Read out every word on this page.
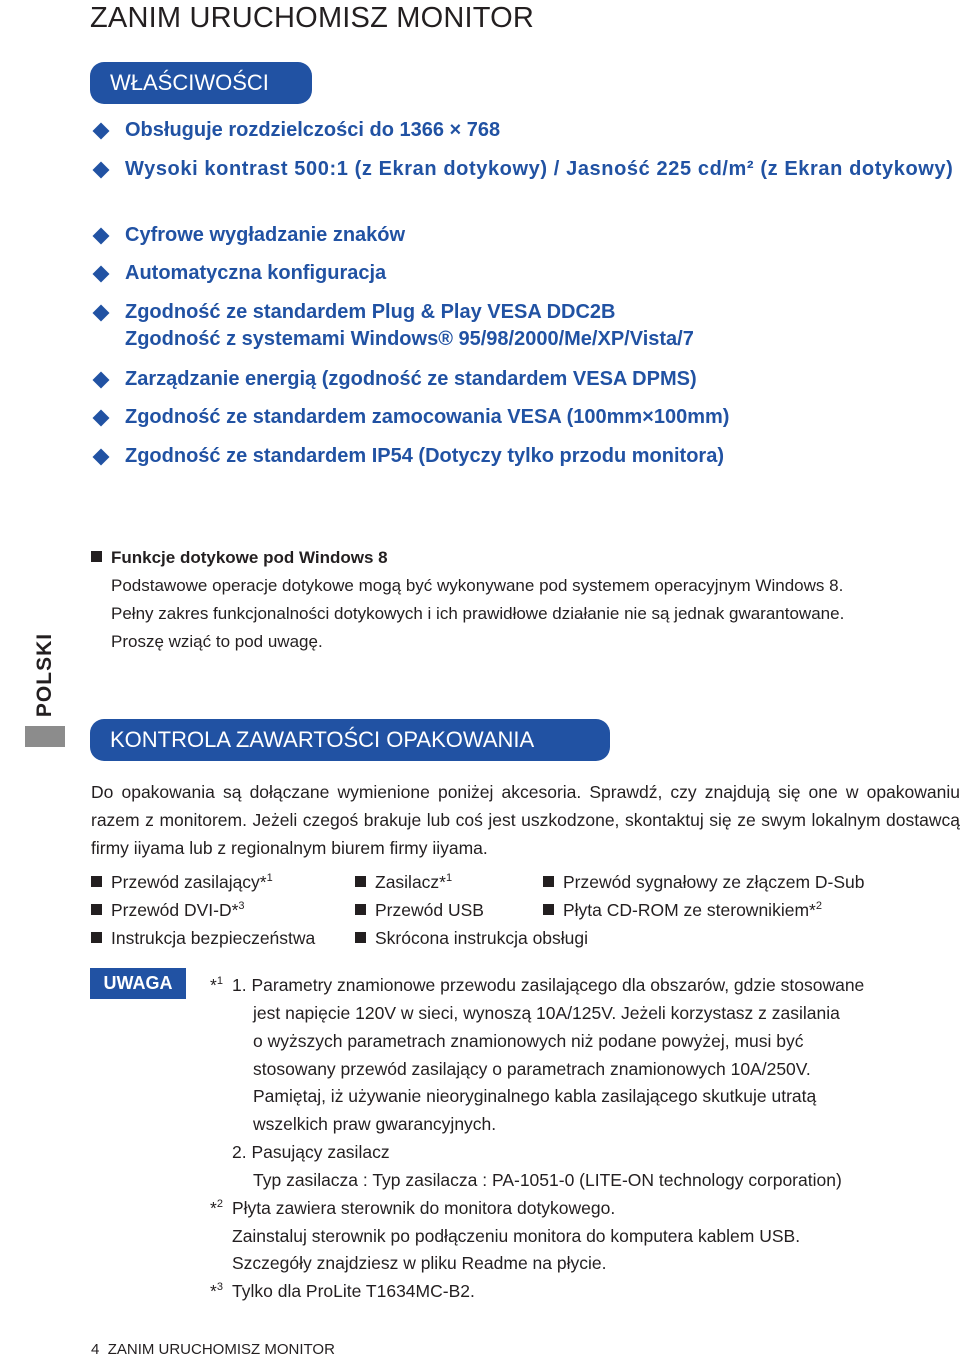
ZANIM URUCHOMISZ MONITOR
WŁAŚCIWOŚCI
Obsługuje rozdzielczości do 1366 × 768
Wysoki kontrast 500:1 (z Ekran dotykowy) / Jasność 225 cd/m² (z Ekran dotykowy)
Cyfrowe wygładzanie znaków
Automatyczna konfiguracja
Zgodność ze standardem Plug & Play VESA DDC2B
Zgodność z systemami Windows® 95/98/2000/Me/XP/Vista/7
Zarządzanie energią (zgodność ze standardem VESA DPMS)
Zgodność ze standardem zamocowania VESA (100mm×100mm)
Zgodność ze standardem IP54 (Dotyczy tylko przodu monitora)
Funkcje dotykowe pod Windows 8
Podstawowe operacje dotykowe mogą być wykonywane pod systemem operacyjnym Windows 8.
Pełny zakres funkcjonalności dotykowych i ich prawidłowe działanie nie są jednak gwarantowane.
Proszę wziąć to pod uwagę.
POLSKI
KONTROLA ZAWARTOŚCI OPAKOWANIA
Do opakowania są dołączane wymienione poniżej akcesoria. Sprawdź, czy znajdują się one w opakowaniu razem z monitorem. Jeżeli czegoś brakuje lub coś jest uszkodzone, skontaktuj się ze swym lokalnym dostawcą firmy iiyama lub z regionalnym biurem firmy iiyama.
Przewód zasilający*$^1$	Zasilacz*$^1$	Przewód sygnałowy ze złączem D-Sub
Przewód DVI-D*$^3$	Przewód USB	Płyta CD-ROM ze sterownikiem*$^2$
Instrukcja bezpieczeństwa	Skrócona instrukcja obsługi
UWAGA	*$^1$ 1. Parametry znamionowe przewodu zasilającego dla obszarów, gdzie stosowane
jest napięcie 120V w sieci, wynoszą 10A/125V. Jeżeli korzystasz z zasilania
o wyższych parametrach znamionowych niż podane powyżej, musi być
stosowany przewód zasilający o parametrach znamionowych 10A/250V.
Pamiętaj, iż używanie nieoryginalnego kabla zasilającego skutkuje utratą
wszelkich praw gwarancyjnych.
2. Pasujący zasilacz
Typ zasilacza : Typ zasilacza : PA-1051-0 (LITE-ON technology corporation)
*$^2$ Płyta zawiera sterownik do monitora dotykowego.
Zainstaluj sterownik po podłączeniu monitora do komputera kablem USB.
Szczegóły znajdziesz w pliku Readme na płycie.
*$^3$ Tylko dla ProLite T1634MC-B2.
4 ZANIM URUCHOMISZ MONITOR
